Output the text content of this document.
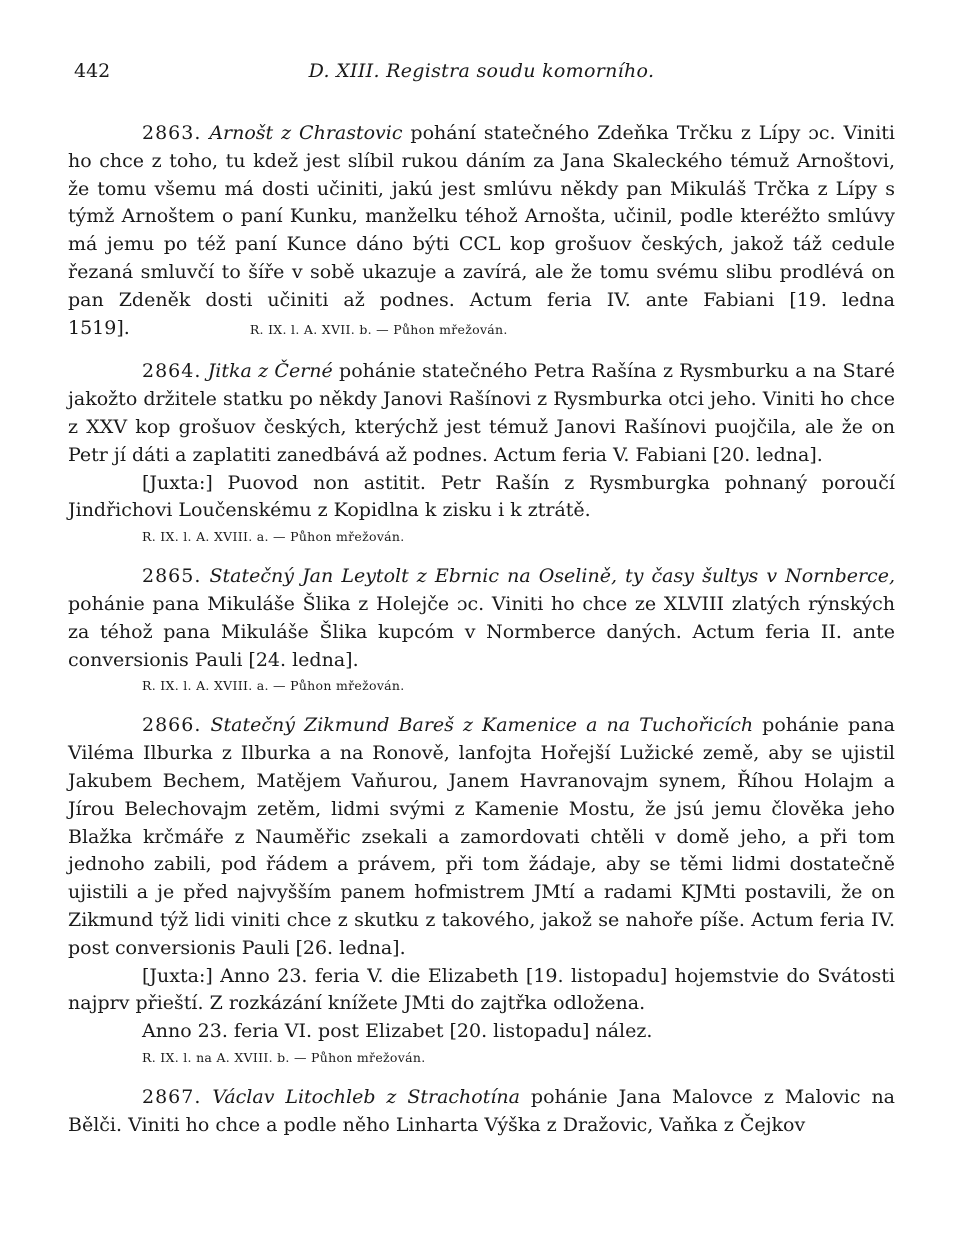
442	D. XIII. Registra soudu komorního.

2863. Arnošt z Chrastovic pohání statečného Zdeňka Trčku z Lípy ɔc. Viniti ho chce z toho, tu kdež jest slíbil rukou dáním za Jana Skaleckého témuž Arnoštovi, že tomu všemu má dosti učiniti, jakú jest smlúvu někdy pan Mikuláš Trčka z Lípy s týmž Arnoštem o paní Kunku, manželku téhož Arnošta, učinil, podle kteréžto smlúvy má jemu po též paní Kunce dáno býti CCL kop grošuov českých, jakož táž cedule řezaná smluvčí to šíře v sobě ukazuje a zavírá, ale že tomu svému slibu prodlévá on pan Zdeněk dosti učiniti až podnes. Actum feria IV. ante Fabiani [19. ledna 1519].	R. IX. l. A. XVII. b. — Půhon mřežován.

2864. Jitka z Černé pohánie statečného Petra Rašína z Rysmburku a na Staré jakožto držitele statku po někdy Janovi Rašínovi z Rysmburka otci jeho. Viniti ho chce z XXV kop grošuov českých, kterýchž jest témuž Janovi Rašínovi puojčila, ale že on Petr jí dáti a zaplatiti zanedbává až podnes. Actum feria V. Fabiani [20. ledna].

[Juxta:] Puovod non astitit. Petr Rašín z Rysmburgka pohnaný poroučí Jindřichovi Loučenskému z Kopidlna k zisku i k ztrátě.

R. IX. l. A. XVIII. a. — Půhon mřežován.

2865. Statečný Jan Leytolt z Ebrnic na Oselině, ty časy šultys v Nornberce, pohánie pana Mikuláše Šlika z Holejče ɔc. Viniti ho chce ze XLVIII zlatých rýnských za téhož pana Mikuláše Šlika kupcóm v Normberce daných. Actum feria II. ante conversionis Pauli [24. ledna].

R. IX. l. A. XVIII. a. — Půhon mřežován.

2866. Statečný Zikmund Bareš z Kamenice a na Tuchořicích pohánie pana Viléma Ilburka z Ilburka a na Ronově, lanfojta Hořejší Lužické země, aby se ujistil Jakubem Bechem, Matějem Vaňurou, Janem Havranovajm synem, Říhou Holajm a Jírou Belechovajm zetěm, lidmi svými z Kamenie Mostu, že jsú jemu člověka jeho Blažka krčmáře z Nauměřic zsekali a zamordovati chtěli v domě jeho, a při tom jednoho zabili, pod řádem a právem, při tom žádaje, aby se těmi lidmi dostatečně ujistili a je před najvyšším panem hofmistrem JMtí a radami KJMti postavili, že on Zikmund týž lidi viniti chce z skutku z takového, jakož se nahoře píše. Actum feria IV. post conversionis Pauli [26. ledna].

[Juxta:] Anno 23. feria V. die Elizabeth [19. listopadu] hojemstvie do Svátosti najprv přieští. Z rozkázání knížete JMti do zajtřka odložena.

Anno 23. feria VI. post Elizabet [20. listopadu] nález.

R. IX. l. na A. XVIII. b. — Půhon mřežován.

2867. Václav Litochleb z Strachotína pohánie Jana Malovce z Malovic na Bělči. Viniti ho chce a podle něho Linharta Výška z Dražovic, Vaňka z Čejkov
